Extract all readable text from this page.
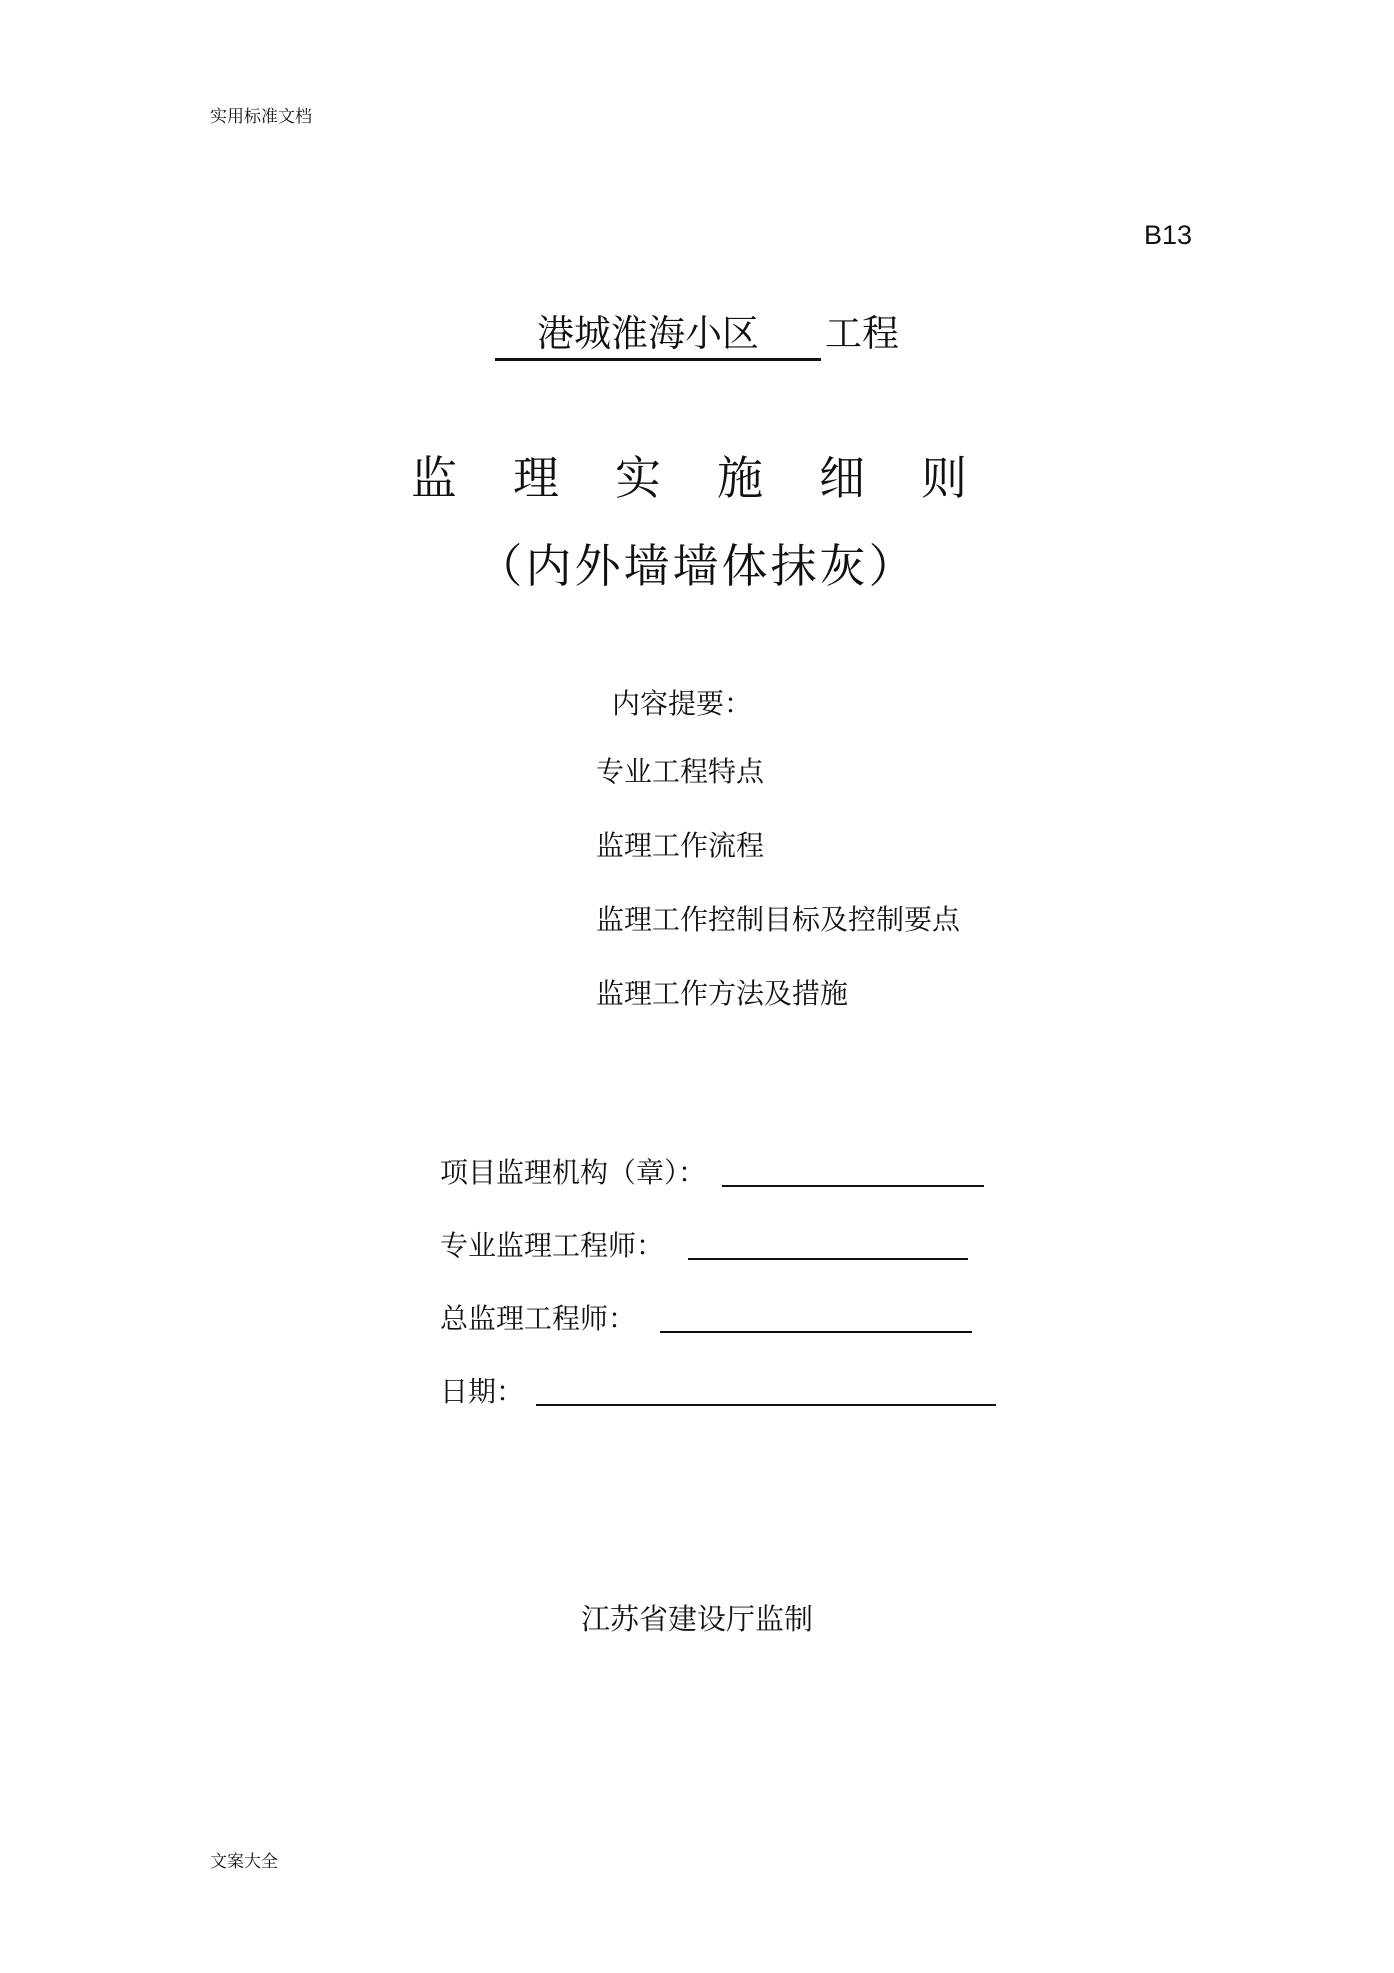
实用标准文档
B13
港城淮海小区 工程
监理实施细则
（内外墙墙体抹灰）
内容提要：
专业工程特点
监理工作流程
监理工作控制目标及控制要点
监理工作方法及措施
项目监理机构（章）：
专业监理工程师：
总监理工程师：
日期：
江苏省建设厅监制
文案大全
